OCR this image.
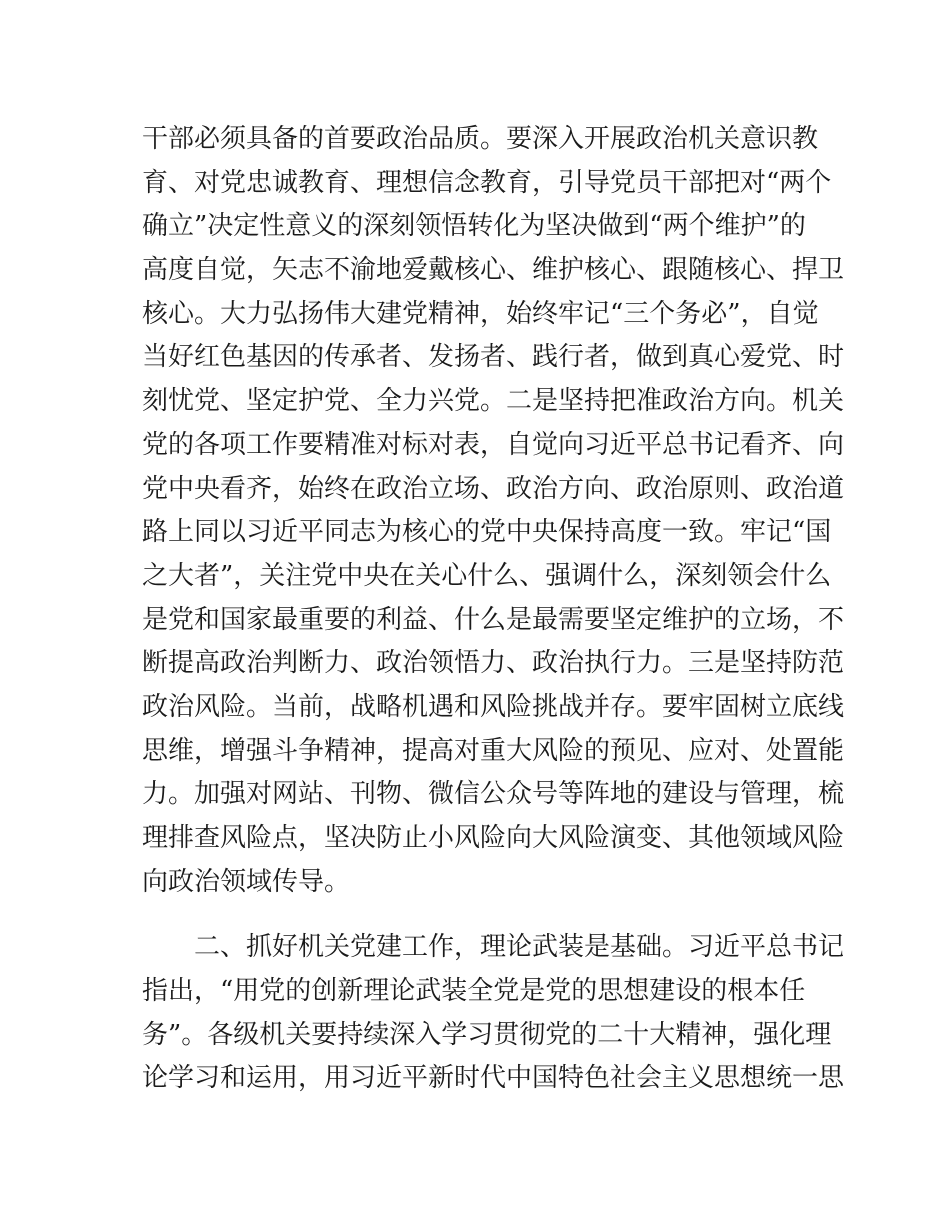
干部必须具备的首要政治品质。要深入开展政治机关意识教
育、对党忠诚教育、理想信念教育，引导党员干部把对“两个
确立”决定性意义的深刻领悟转化为坚决做到“两个维护”的
高度自觉，矢志不渝地爱戴核心、维护核心、跟随核心、捍卫
核心。大力弘扬伟大建党精神，始终牢记“三个务必”，自觉
当好红色基因的传承者、发扬者、践行者，做到真心爱党、时
刻忧党、坚定护党、全力兴党。二是坚持把准政治方向。机关
党的各项工作要精准对标对表，自觉向习近平总书记看齐、向
党中央看齐，始终在政治立场、政治方向、政治原则、政治道
路上同以习近平同志为核心的党中央保持高度一致。牢记“国
之大者”，关注党中央在关心什么、强调什么，深刻领会什么
是党和国家最重要的利益、什么是最需要坚定维护的立场，不
断提高政治判断力、政治领悟力、政治执行力。三是坚持防范
政治风险。当前，战略机遇和风险挑战并存。要牢固树立底线
思维，增强斗争精神，提高对重大风险的预见、应对、处置能
力。加强对网站、刊物、微信公众号等阵地的建设与管理，梳
理排查风险点，坚决防止小风险向大风险演变、其他领域风险
向政治领域传导。
　　二、抓好机关党建工作，理论武装是基础。习近平总书记
指出，“用党的创新理论武装全党是党的思想建设的根本任
务”。各级机关要持续深入学习贯彻党的二十大精神，强化理
论学习和运用，用习近平新时代中国特色社会主义思想统一思
